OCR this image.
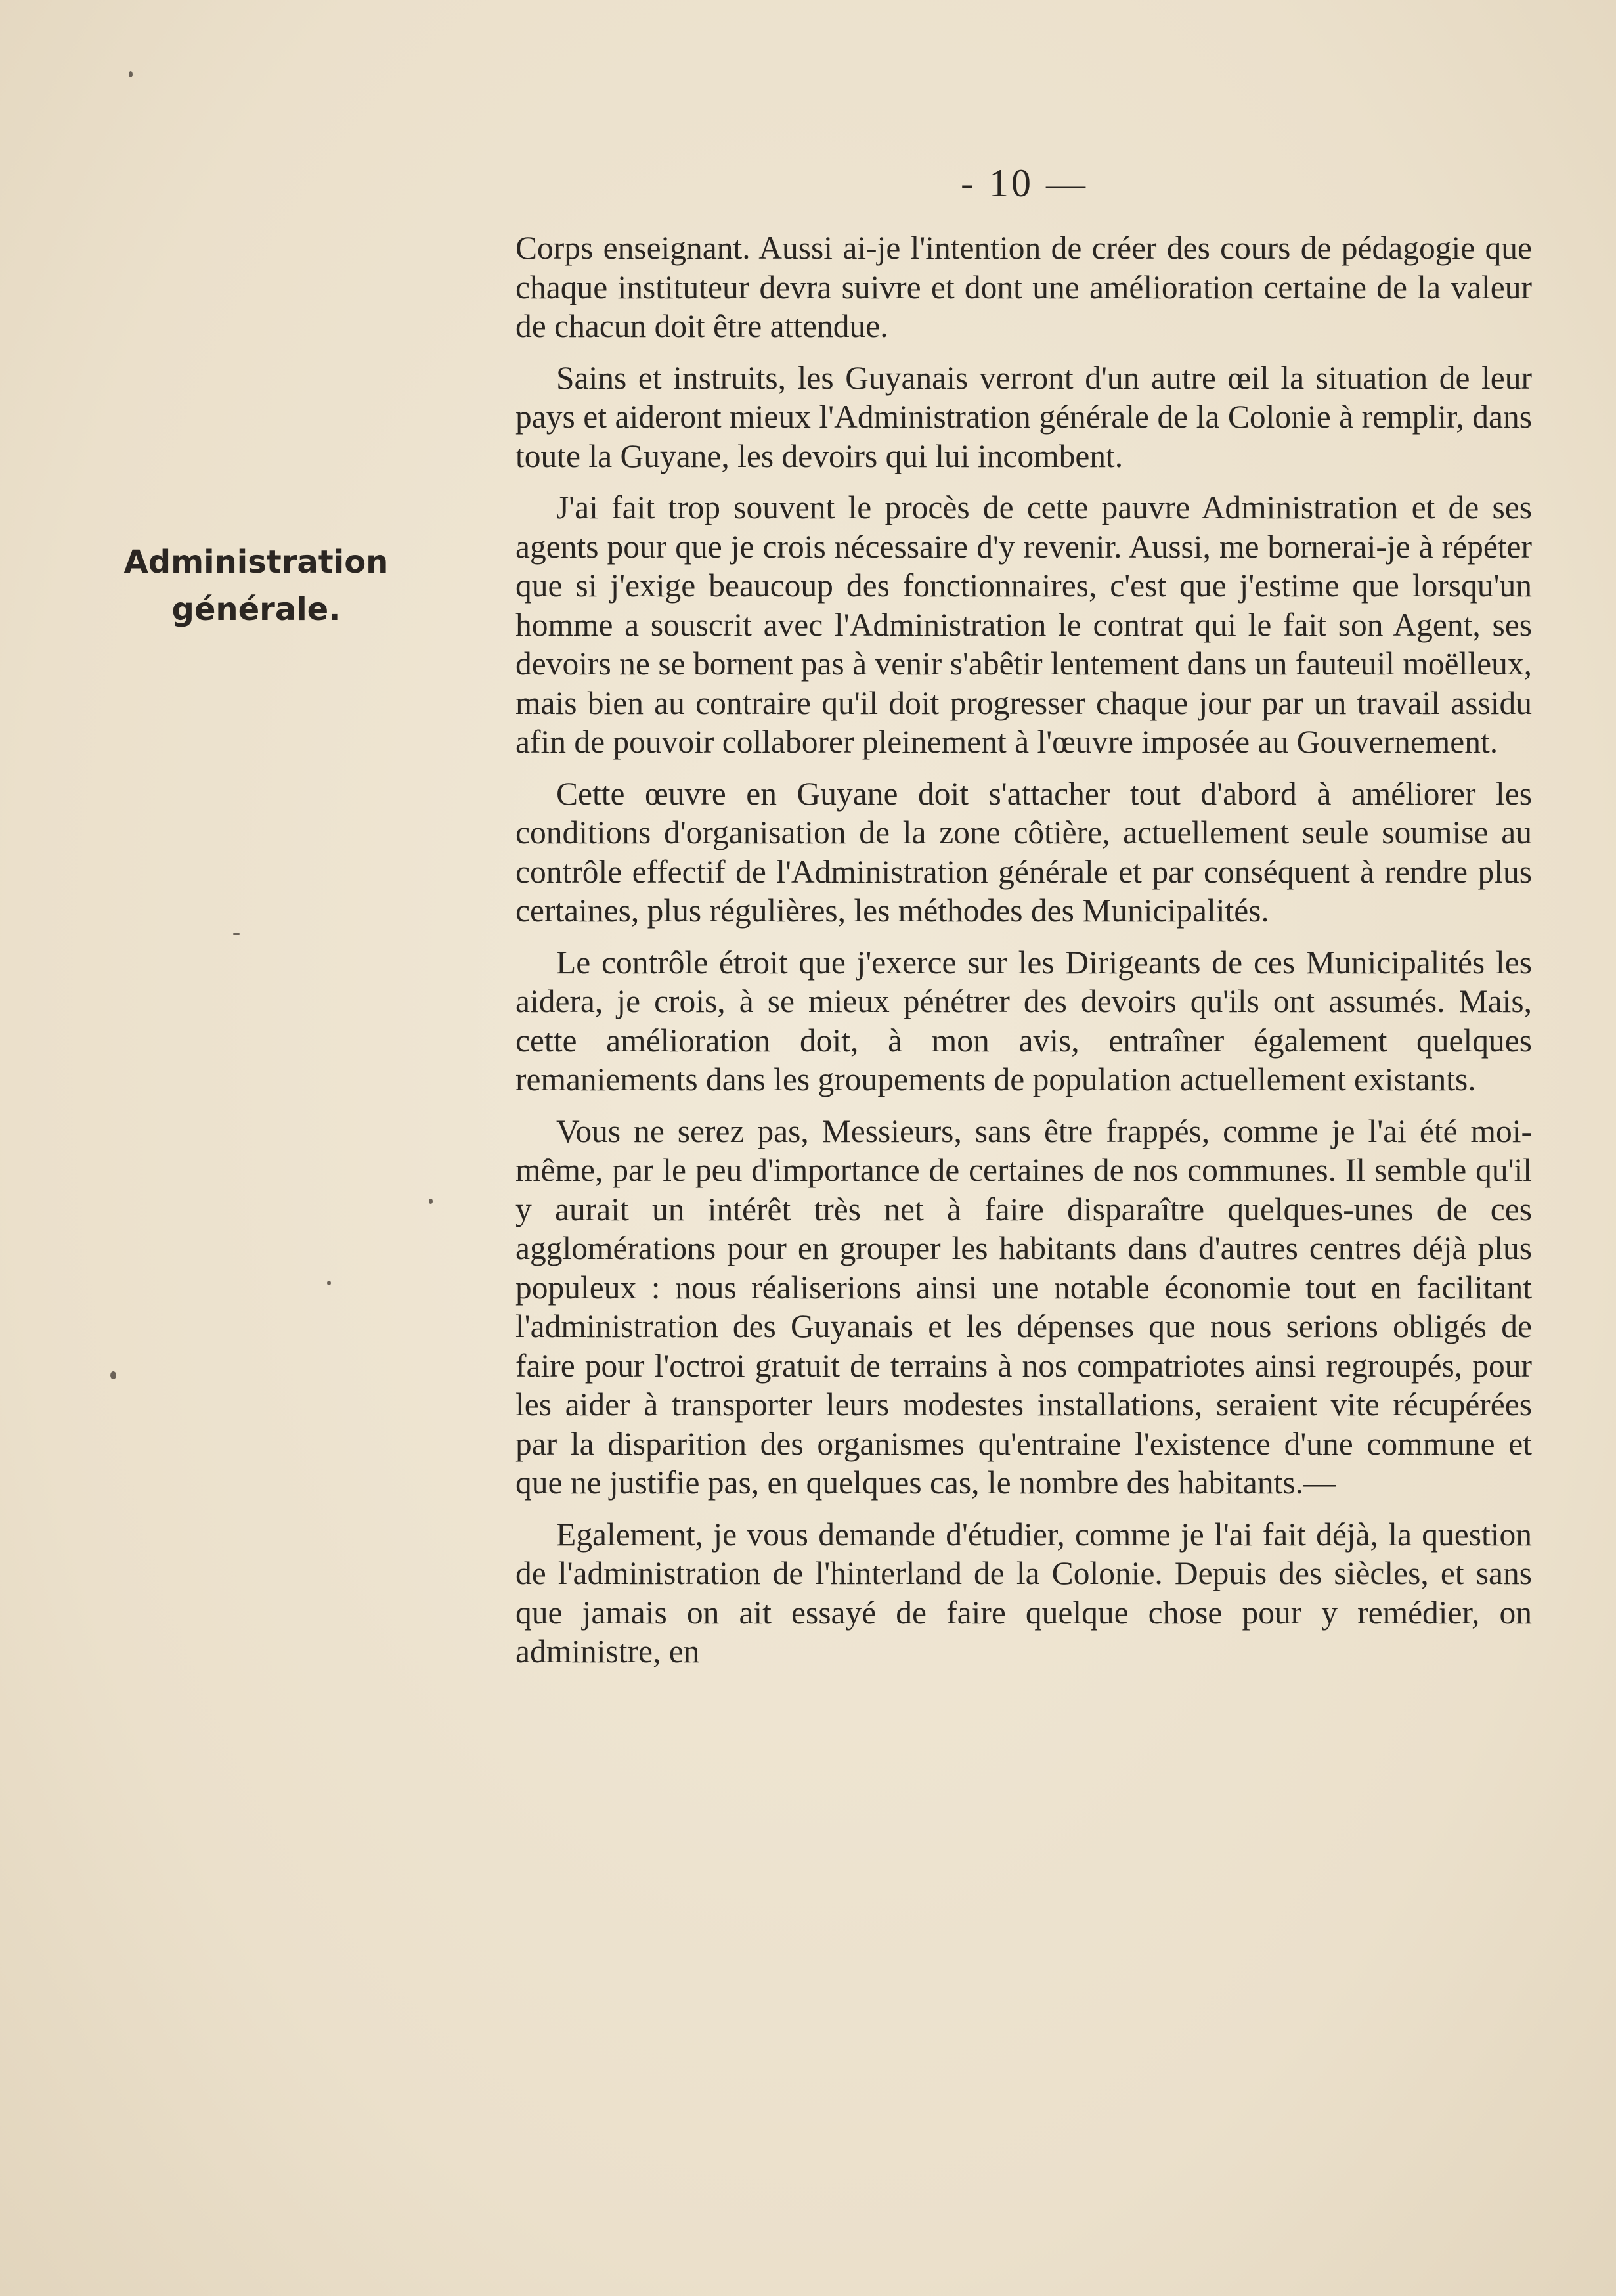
- 10 —
Administration générale.

Corps enseignant. Aussi ai-je l'intention de créer des cours de pédagogie que chaque instituteur devra suivre et dont une amélioration certaine de la valeur de chacun doit être attendue.

Sains et instruits, les Guyanais verront d'un autre œil la situation de leur pays et aideront mieux l'Administration générale de la Colonie à remplir, dans toute la Guyane, les devoirs qui lui incombent.

J'ai fait trop souvent le procès de cette pauvre Administration et de ses agents pour que je crois nécessaire d'y revenir. Aussi, me bornerai-je à répéter que si j'exige beaucoup des fonctionnaires, c'est que j'estime que lorsqu'un homme a souscrit avec l'Administration le contrat qui le fait son Agent, ses devoirs ne se bornent pas à venir s'abêtir lentement dans un fauteuil moëlleux, mais bien au contraire qu'il doit progresser chaque jour par un travail assidu afin de pouvoir collaborer pleinement à l'œuvre imposée au Gouvernement.

Cette œuvre en Guyane doit s'attacher tout d'abord à améliorer les conditions d'organisation de la zone côtière, actuellement seule soumise au contrôle effectif de l'Administration générale et par conséquent à rendre plus certaines, plus régulières, les méthodes des Municipalités.

Le contrôle étroit que j'exerce sur les Dirigeants de ces Municipalités les aidera, je crois, à se mieux pénétrer des devoirs qu'ils ont assumés. Mais, cette amélioration doit, à mon avis, entraîner également quelques remaniements dans les groupements de population actuellement existants.

Vous ne serez pas, Messieurs, sans être frappés, comme je l'ai été moi-même, par le peu d'importance de certaines de nos communes. Il semble qu'il y aurait un intérêt très net à faire disparaître quelques-unes de ces agglomérations pour en grouper les habitants dans d'autres centres déjà plus populeux : nous réaliserions ainsi une notable économie tout en facilitant l'administration des Guyanais et les dépenses que nous serions obligés de faire pour l'octroi gratuit de terrains à nos compatriotes ainsi regroupés, pour les aider à transporter leurs modestes installations, seraient vite récupérées par la disparition des organismes qu'entraine l'existence d'une commune et que ne justifie pas, en quelques cas, le nombre des habitants.—

Egalement, je vous demande d'étudier, comme je l'ai fait déjà, la question de l'administration de l'hinterland de la Colonie. Depuis des siècles, et sans que jamais on ait essayé de faire quelque chose pour y remédier, on administre, en
